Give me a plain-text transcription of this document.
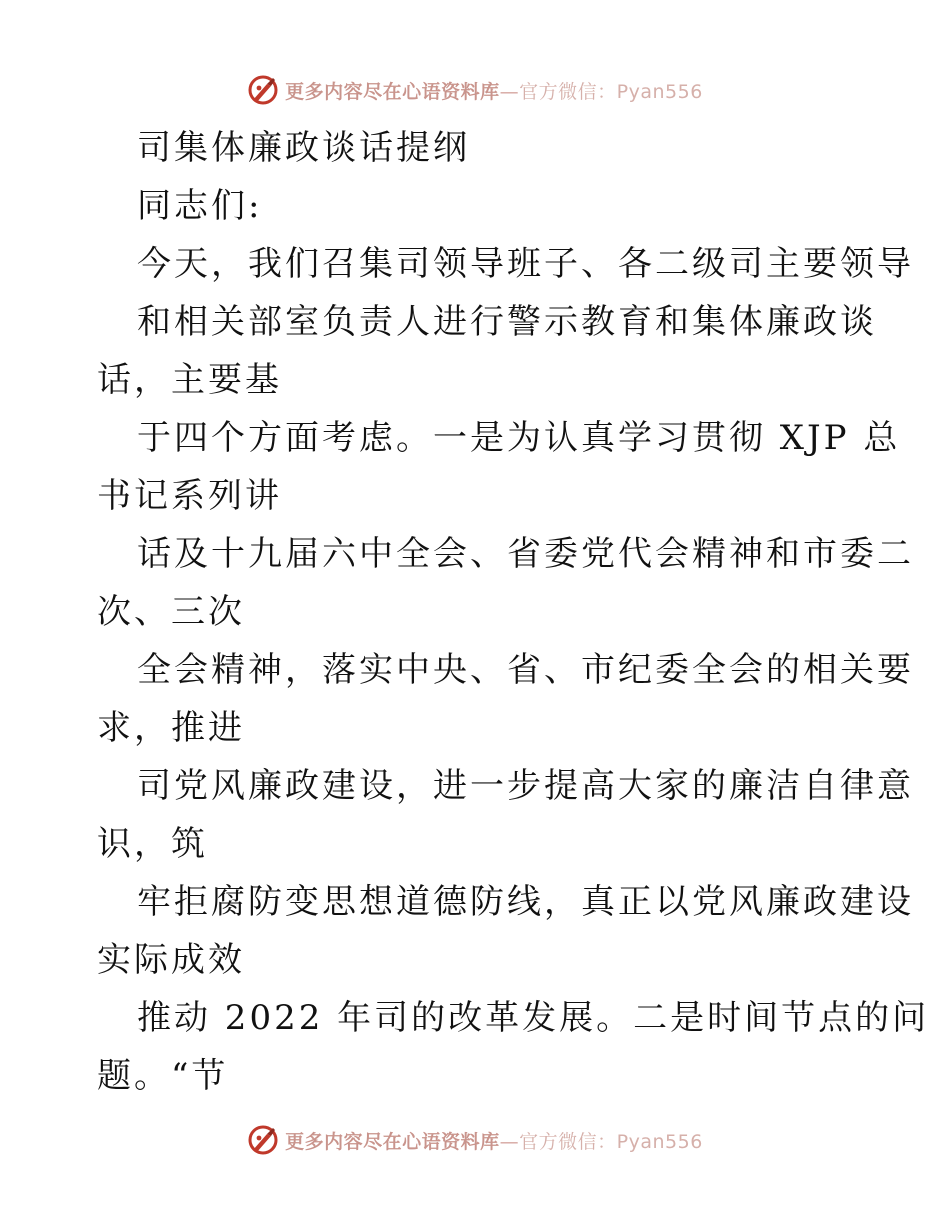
更多内容尽在心语资料库—官方微信：Pyan556

司集体廉政谈话提纲

同志们:

今天，我们召集司领导班子、各二级司主要领导

和相关部室负责人进行警示教育和集体廉政谈

话，主要基

于四个方面考虑。一是为认真学习贯彻 XJP 总

书记系列讲

话及十九届六中全会、省委党代会精神和市委二

次、三次

全会精神，落实中央、省、市纪委全会的相关要

求，推进

司党风廉政建设，进一步提高大家的廉洁自律意

识，筑

牢拒腐防变思想道德防线，真正以党风廉政建设

实际成效

推动 2022 年司的改革发展。二是时间节点的问

题。“节

更多内容尽在心语资料库—官方微信：Pyan556
